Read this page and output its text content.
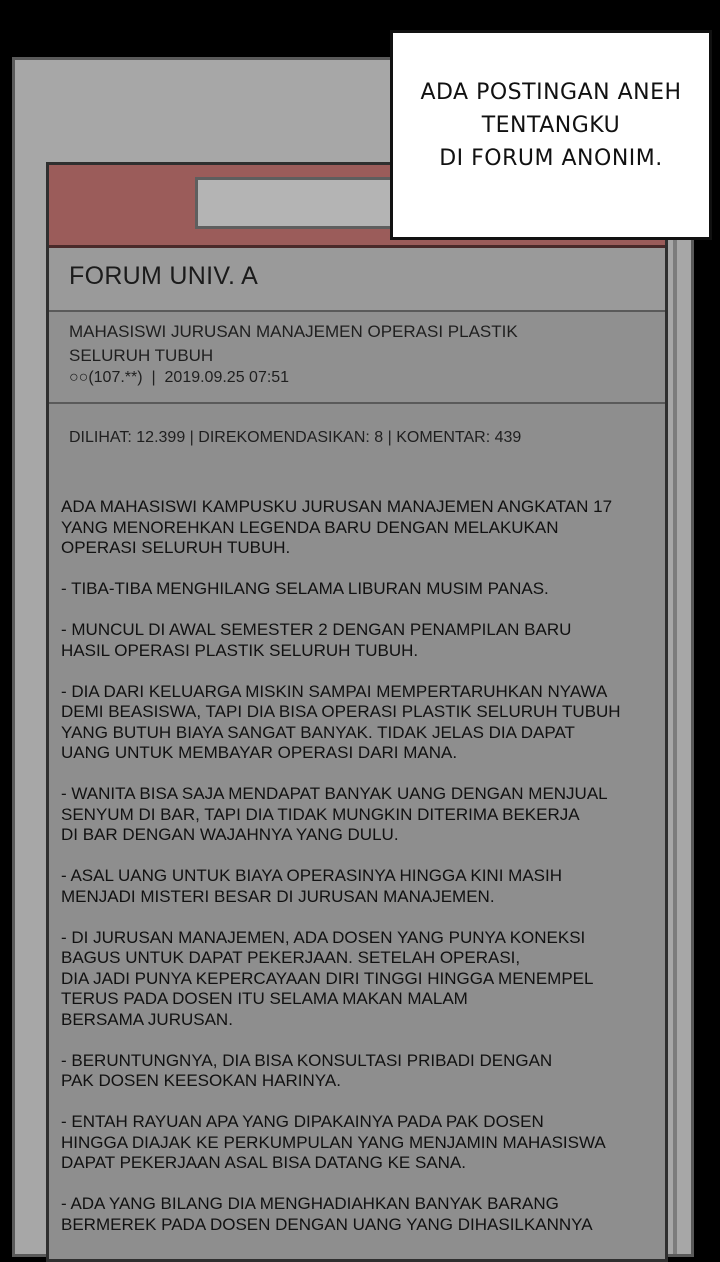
FORUM UNIV. A
MAHASISWI JURUSAN MANAJEMEN OPERASI PLASTIK
SELURUH TUBUH
○○(107.**)  |  2019.09.25 07:51
DILIHAT: 12.399 | DIREKOMENDASIKAN: 8 | KOMENTAR: 439

ADA MAHASISWI KAMPUSKU JURUSAN MANAJEMEN ANGKATAN 17
YANG MENOREHKAN LEGENDA BARU DENGAN MELAKUKAN
OPERASI SELURUH TUBUH.

- TIBA-TIBA MENGHILANG SELAMA LIBURAN MUSIM PANAS.

- MUNCUL DI AWAL SEMESTER 2 DENGAN PENAMPILAN BARU
HASIL OPERASI PLASTIK SELURUH TUBUH.

- DIA DARI KELUARGA MISKIN SAMPAI MEMPERTARUHKAN NYAWA
DEMI BEASISWA, TAPI DIA BISA OPERASI PLASTIK SELURUH TUBUH
YANG BUTUH BIAYA SANGAT BANYAK. TIDAK JELAS DIA DAPAT
UANG UNTUK MEMBAYAR OPERASI DARI MANA.

- WANITA BISA SAJA MENDAPAT BANYAK UANG DENGAN MENJUAL
SENYUM DI BAR, TAPI DIA TIDAK MUNGKIN DITERIMA BEKERJA
DI BAR DENGAN WAJAHNYA YANG DULU.

- ASAL UANG UNTUK BIAYA OPERASINYA HINGGA KINI MASIH
MENJADI MISTERI BESAR DI JURUSAN MANAJEMEN.

- DI JURUSAN MANAJEMEN, ADA DOSEN YANG PUNYA KONEKSI
BAGUS UNTUK DAPAT PEKERJAAN. SETELAH OPERASI,
DIA JADI PUNYA KEPERCAYAAN DIRI TINGGI HINGGA MENEMPEL
TERUS PADA DOSEN ITU SELAMA MAKAN MALAM
BERSAMA JURUSAN.

- BERUNTUNGNYA, DIA BISA KONSULTASI PRIBADI DENGAN
PAK DOSEN KEESOKAN HARINYA.

- ENTAH RAYUAN APA YANG DIPAKAINYA PADA PAK DOSEN
HINGGA DIAJAK KE PERKUMPULAN YANG MENJAMIN MAHASISWA
DAPAT PEKERJAAN ASAL BISA DATANG KE SANA.

- ADA YANG BILANG DIA MENGHADIAHKAN BANYAK BARANG
BERMEREK PADA DOSEN DENGAN UANG YANG DIHASILKANNYA

ADA POSTINGAN ANEH
TENTANGKU
DI FORUM ANONIM.
